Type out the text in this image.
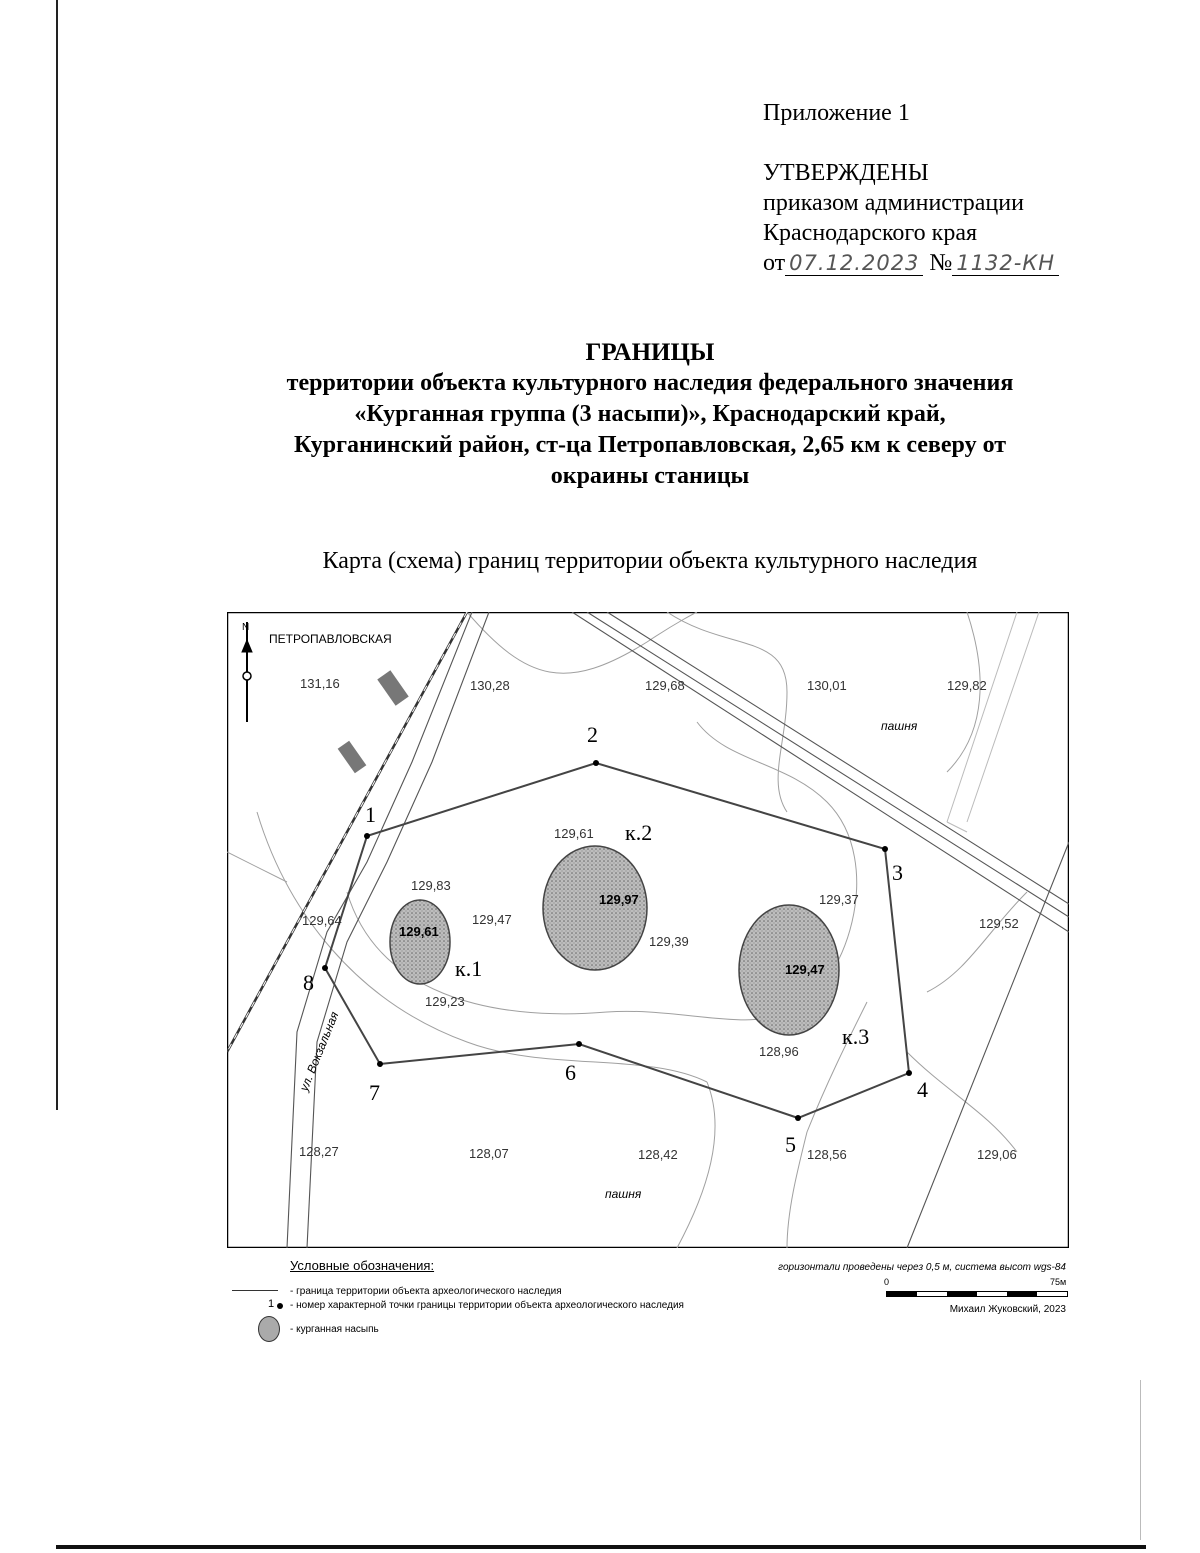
Приложение 1
УТВЕРЖДЕНЫ
приказом администрации
Краснодарского края
от 07.12.2023 № 1132-КН
ГРАНИЦЫ
территории объекта культурного наследия федерального значения
«Курганная группа (3 насыпи)», Краснодарский край,
Курганинский район, ст-ца Петропавловская, 2,65 км к северу от
окраины станицы
Карта (схема) границ территории объекта культурного наследия
N
1
2
3
4
5
6
7
8
к.1
к.2
к.3
129,61
129,97
129,47
131,16	130,28	129,68	130,01	129,82
129,61
129,83
129,47
129,64
129,39
129,37
129,52
129,23
128,96
128,27	128,07	128,42	128,56	129,06
ПЕТРОПАВЛОВСКАЯ
пашня
пашня
ул. Вокзальная
Условные обозначения:
- граница территории объекта археологического наследия
1 - номер характерной точки границы территории объекта археологического наследия
- курганная насыпь
горизонтали проведены через 0,5 м, система высот wgs-84
0	75м
Михаил Жуковский, 2023
